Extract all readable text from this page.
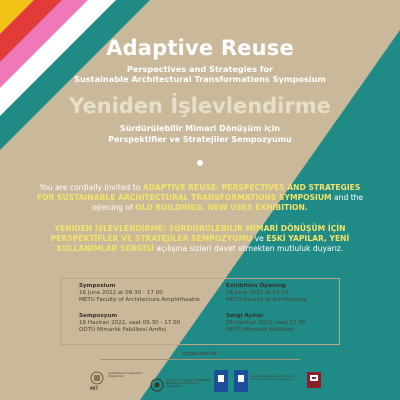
Adaptive Reuse
Perspectives and Strategies for
Sustainable Architectural Transformations Symposium
Yeniden İşlevlendirme
Sürdürülebilir Mimari Dönüşüm için
Perspektifler ve Stratejiler Sempozyumu
You are cordially invited to ADAPTIVE REUSE: PERSPECTIVES AND STRATEGIES FOR SUSTAINABLE ARCHITECTURAL TRANSFORMATIONS SYMPOSIUM and the opening of OLD BUILDINGS, NEW USES EXHIBITION.
YENİDEN İŞLEVLENDİRME: SÜRDÜRÜLEBİLİR MİMARİ DÖNÜŞÜM İÇİN PERSPEKTİFLER VE STRATEJİLER SEMPOZYUMU ve ESKİ YAPILAR, YENİ KULLANIMLAR SERGİSİ açılışına sizleri davet etmekten mutluluk duyarız.
Symposium
16 June 2022 at 09.30 - 17.00
METU Faculty of Architecture Amphitheatre
Exhibition Opening
16 June 2022 at 17.30
METU Faculty of Architecture
Sempozyum
16 Haziran 2022, saat 09.30 - 17.00
ODTÜ Mimarlık Fakültesi Amfisi
Sergi Açılışı
16 Haziran 2022, saat 17.30
ODTÜ Mimarlık Fakültesi
organized by
MIT
Architectural Conservation Programme
ORTA DOĞU TEKNİK ÜNİVERSİTESİ MIDDLE EAST TECHNICAL UNIVERSITY
Cultural Heritage Agency Ministry of Education, Culture and Science
